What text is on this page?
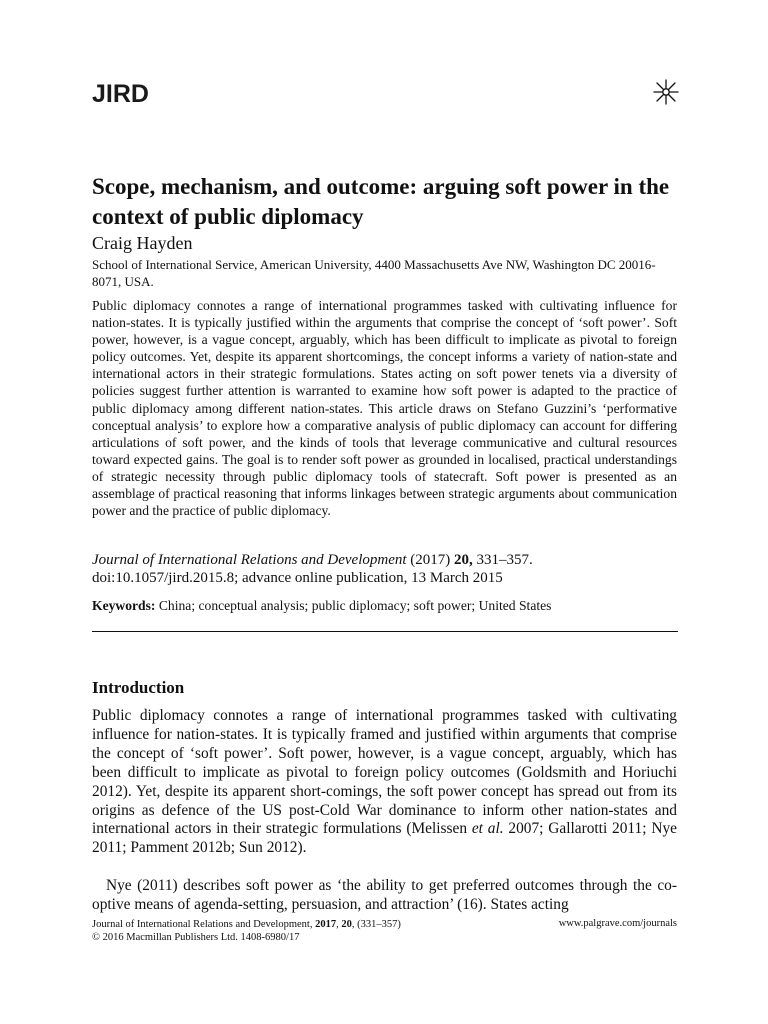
JIRD
Scope, mechanism, and outcome: arguing soft power in the context of public diplomacy
Craig Hayden
School of International Service, American University, 4400 Massachusetts Ave NW, Washington DC 20016-8071, USA.

Public diplomacy connotes a range of international programmes tasked with cultivating influence for nation-states. It is typically justified within the arguments that comprise the concept of ‘soft power’. Soft power, however, is a vague concept, arguably, which has been difficult to implicate as pivotal to foreign policy outcomes. Yet, despite its apparent shortcomings, the concept informs a variety of nation-state and international actors in their strategic formulations. States acting on soft power tenets via a diversity of policies suggest further attention is warranted to examine how soft power is adapted to the practice of public diplomacy among different nation-states. This article draws on Stefano Guzzini’s ‘performative conceptual analysis’ to explore how a comparative analysis of public diplomacy can account for differing articulations of soft power, and the kinds of tools that leverage communicative and cultural resources toward expected gains. The goal is to render soft power as grounded in localised, practical understandings of strategic necessity through public diplomacy tools of statecraft. Soft power is presented as an assemblage of practical reasoning that informs linkages between strategic arguments about communication power and the practice of public diplomacy.

Journal of International Relations and Development (2017) 20, 331–357.
doi:10.1057/jird.2015.8; advance online publication, 13 March 2015
Keywords: China; conceptual analysis; public diplomacy; soft power; United States
Introduction

Public diplomacy connotes a range of international programmes tasked with cultivating influence for nation-states. It is typically framed and justified within arguments that comprise the concept of ‘soft power’. Soft power, however, is a vague concept, arguably, which has been difficult to implicate as pivotal to foreign policy outcomes (Goldsmith and Horiuchi 2012). Yet, despite its apparent short-comings, the soft power concept has spread out from its origins as defence of the US post-Cold War dominance to inform other nation-states and international actors in their strategic formulations (Melissen et al. 2007; Gallarotti 2011; Nye 2011; Pamment 2012b; Sun 2012).

Nye (2011) describes soft power as ‘the ability to get preferred outcomes through the co-optive means of agenda-setting, persuasion, and attraction’ (16). States acting

Journal of International Relations and Development, 2017, 20, (331–357)
© 2016 Macmillan Publishers Ltd. 1408-6980/17
www.palgrave.com/journals
